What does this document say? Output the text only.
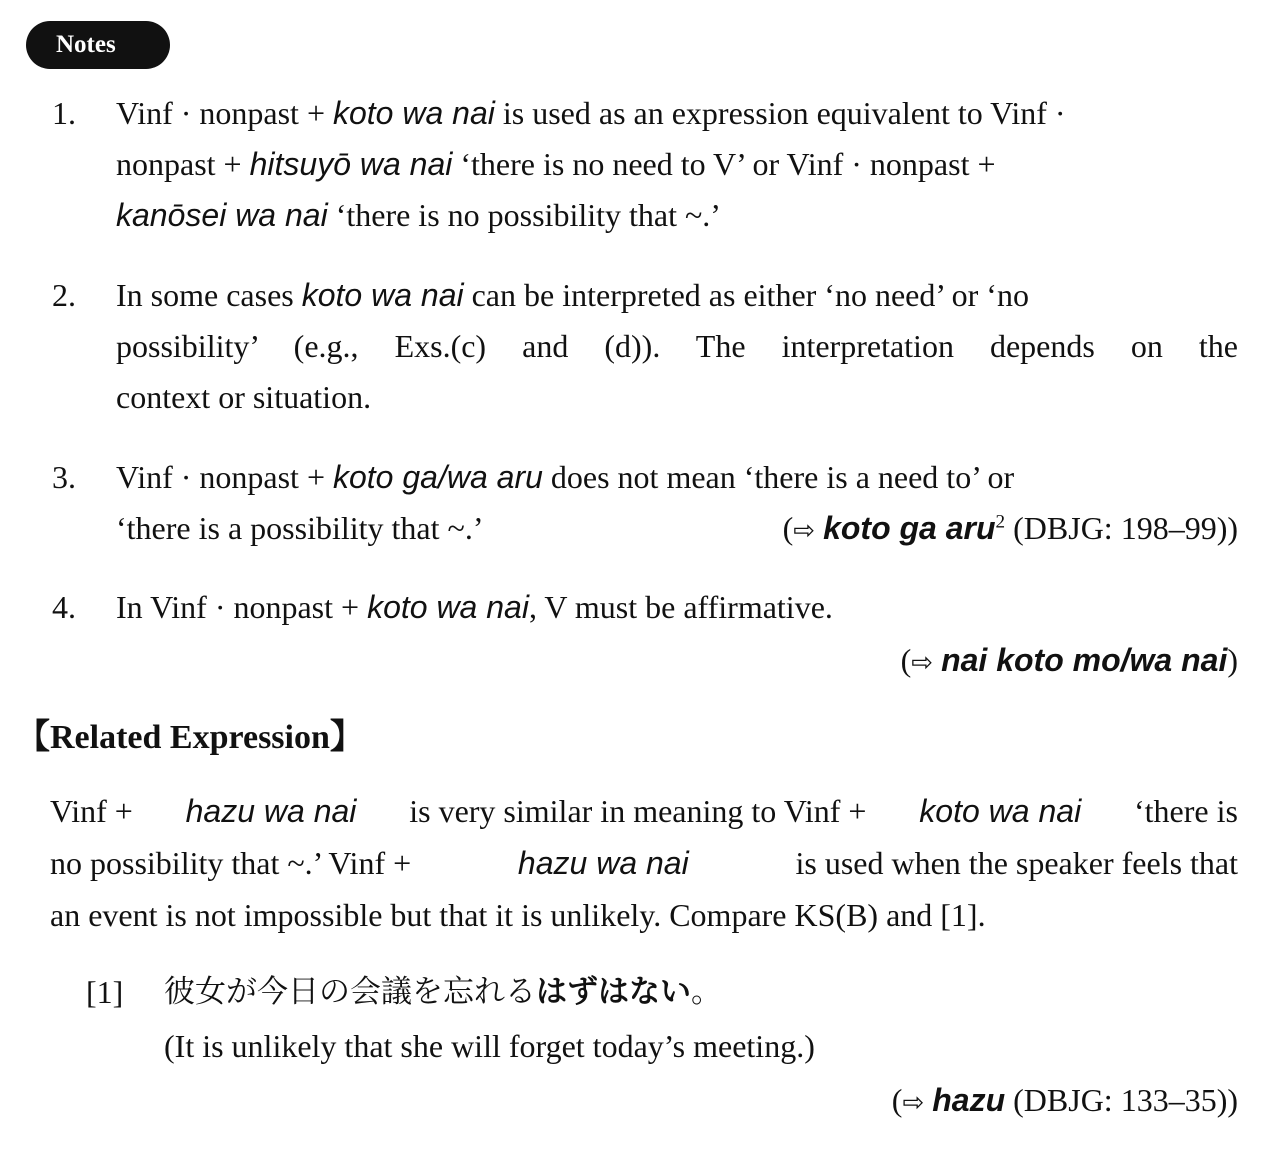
Notes
1. Vinf · nonpast + koto wa nai is used as an expression equivalent to Vinf ·
nonpast + hitsuyō wa nai ‘there is no need to V’ or Vinf · nonpast +
kanōsei wa nai ‘there is no possibility that ~.’
2. In some cases koto wa nai can be interpreted as either ‘no need’ or ‘no
possibility’ (e.g., Exs.(c) and (d)). The interpretation depends on the
context or situation.
3. Vinf · nonpast + koto ga/wa aru does not mean ‘there is a need to’ or
‘there is a possibility that ~.’	(⇨ koto ga aru$^2$ (DBJG: 198–99))
4. In Vinf · nonpast + koto wa nai, V must be affirmative.
(⇨ nai koto mo/wa nai)
【Related Expression】
Vinf + hazu wa nai is very similar in meaning to Vinf + koto wa nai ‘there is
no possibility that ~.’ Vinf +	hazu wa nai	is used when the speaker feels that
an event is not impossible but that it is unlikely. Compare KS(B) and [1].
[1] 彼女が今日の会議を忘れるはずはない。
(It is unlikely that she will forget today’s meeting.)
(⇨ hazu (DBJG: 133–35))
